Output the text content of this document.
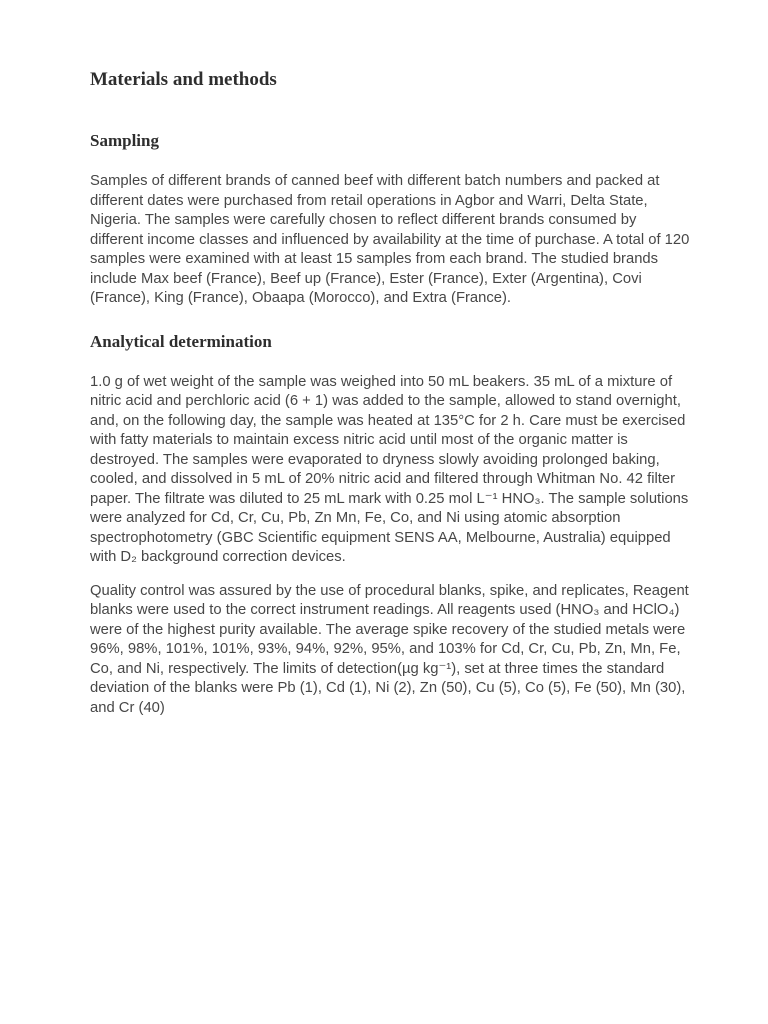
Materials and methods
Sampling

Samples of different brands of canned beef with different batch numbers and packed at different dates were purchased from retail operations in Agbor and Warri, Delta State, Nigeria. The samples were carefully chosen to reflect different brands consumed by different income classes and influenced by availability at the time of purchase. A total of 120 samples were examined with at least 15 samples from each brand. The studied brands include Max beef (France), Beef up (France), Ester (France), Exter (Argentina), Covi (France), King (France), Obaapa (Morocco), and Extra (France).

Analytical determination

1.0 g of wet weight of the sample was weighed into 50 mL beakers. 35 mL of a mixture of nitric acid and perchloric acid (6 + 1) was added to the sample, allowed to stand overnight, and, on the following day, the sample was heated at 135°C for 2 h. Care must be exercised with fatty materials to maintain excess nitric acid until most of the organic matter is destroyed. The samples were evaporated to dryness slowly avoiding prolonged baking, cooled, and dissolved in 5 mL of 20% nitric acid and filtered through Whitman No. 42 filter paper. The filtrate was diluted to 25 mL mark with 0.25 mol L⁻¹ HNO₃. The sample solutions were analyzed for Cd, Cr, Cu, Pb, Zn Mn, Fe, Co, and Ni using atomic absorption spectrophotometry (GBC Scientific equipment SENS AA, Melbourne, Australia) equipped with D₂ background correction devices.

Quality control was assured by the use of procedural blanks, spike, and replicates, Reagent blanks were used to the correct instrument readings. All reagents used (HNO₃ and HClO₄) were of the highest purity available. The average spike recovery of the studied metals were 96%, 98%, 101%, 101%, 93%, 94%, 92%, 95%, and 103% for Cd, Cr, Cu, Pb, Zn, Mn, Fe, Co, and Ni, respectively. The limits of detection(µg kg⁻¹), set at three times the standard deviation of the blanks were Pb (1), Cd (1), Ni (2), Zn (50), Cu (5), Co (5), Fe (50), Mn (30), and Cr (40)
